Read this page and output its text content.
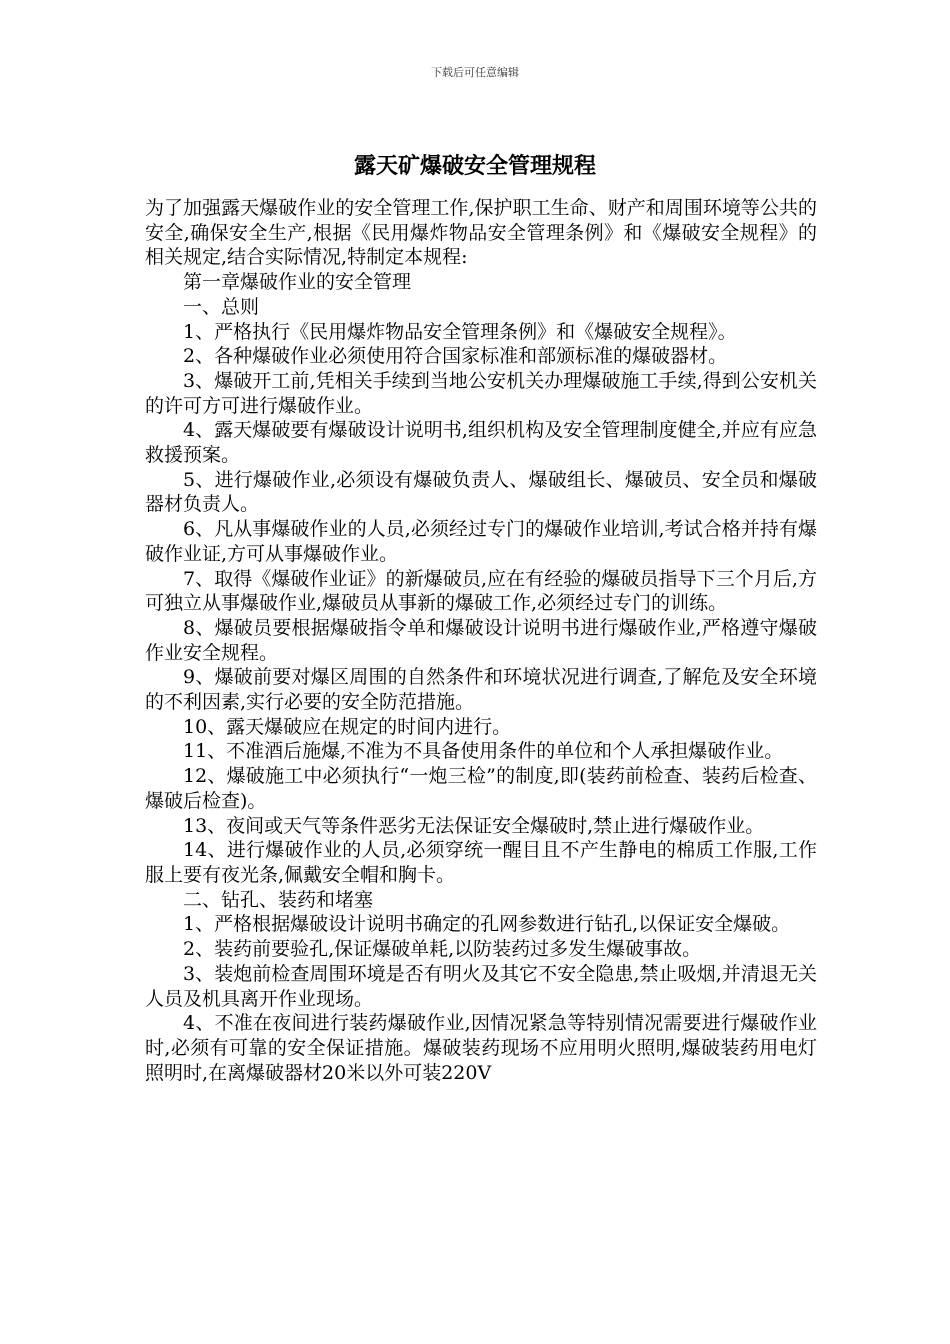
下载后可任意编辑
露天矿爆破安全管理规程

为了加强露天爆破作业的安全管理工作,保护职工生命、财产和周围环境等公共的安全,确保安全生产,根据《民用爆炸物品安全管理条例》和《爆破安全规程》的相关规定,结合实际情况,特制定本规程:

第一章爆破作业的安全管理

一、总则

1、严格执行《民用爆炸物品安全管理条例》和《爆破安全规程》。

2、各种爆破作业必须使用符合国家标准和部颁标准的爆破器材。

3、爆破开工前,凭相关手续到当地公安机关办理爆破施工手续,得到公安机关的许可方可进行爆破作业。

4、露天爆破要有爆破设计说明书,组织机构及安全管理制度健全,并应有应急救援预案。

5、进行爆破作业,必须设有爆破负责人、爆破组长、爆破员、安全员和爆破器材负责人。

6、凡从事爆破作业的人员,必须经过专门的爆破作业培训,考试合格并持有爆破作业证,方可从事爆破作业。

7、取得《爆破作业证》的新爆破员,应在有经验的爆破员指导下三个月后,方可独立从事爆破作业,爆破员从事新的爆破工作,必须经过专门的训练。

8、爆破员要根据爆破指令单和爆破设计说明书进行爆破作业,严格遵守爆破作业安全规程。

9、爆破前要对爆区周围的自然条件和环境状况进行调查,了解危及安全环境的不利因素,实行必要的安全防范措施。

10、露天爆破应在规定的时间内进行。

11、不准酒后施爆,不准为不具备使用条件的单位和个人承担爆破作业。

12、爆破施工中必须执行“一炮三检”的制度,即(装药前检查、装药后检查、爆破后检查)。

13、夜间或天气等条件恶劣无法保证安全爆破时,禁止进行爆破作业。

14、进行爆破作业的人员,必须穿统一醒目且不产生静电的棉质工作服,工作服上要有夜光条,佩戴安全帽和胸卡。

二、钻孔、装药和堵塞

1、严格根据爆破设计说明书确定的孔网参数进行钻孔,以保证安全爆破。

2、装药前要验孔,保证爆破单耗,以防装药过多发生爆破事故。

3、装炮前检查周围环境是否有明火及其它不安全隐患,禁止吸烟,并清退无关人员及机具离开作业现场。

4、不准在夜间进行装药爆破作业,因情况紧急等特别情况需要进行爆破作业时,必须有可靠的安全保证措施。爆破装药现场不应用明火照明,爆破装药用电灯照明时,在离爆破器材20米以外可装220V
